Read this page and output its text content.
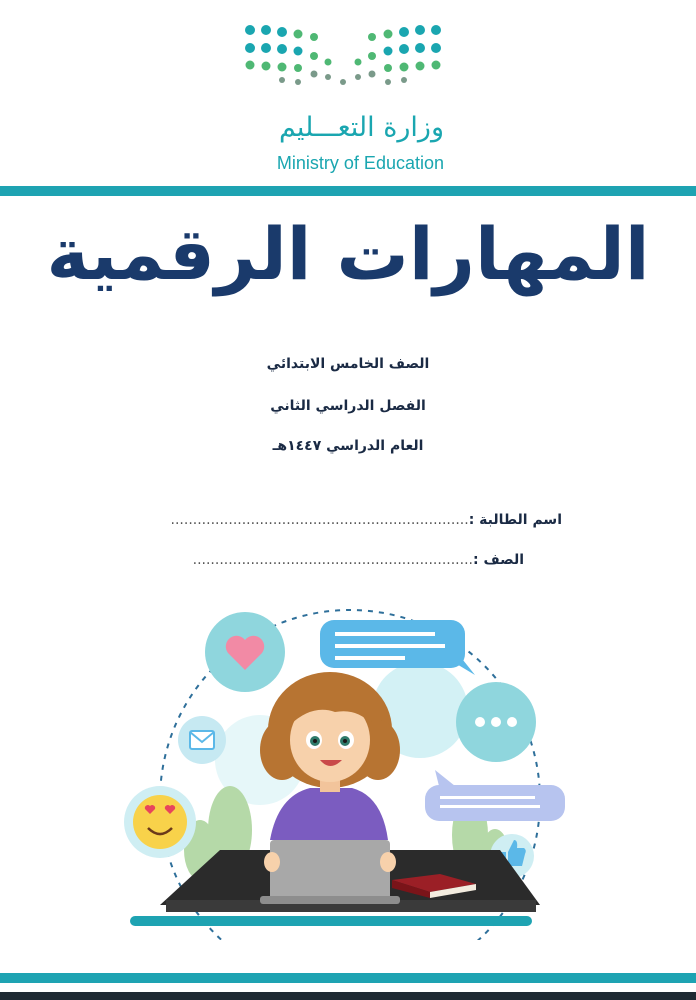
وزارة التعـــليم
Ministry of Education
المهارات الرقمية
الصف الخامس الابتدائي
الفصل الدراسي الثاني
العام الدراسي ١٤٤٧هـ
اسم الطالبة :...................................................................
الصف :...............................................................
